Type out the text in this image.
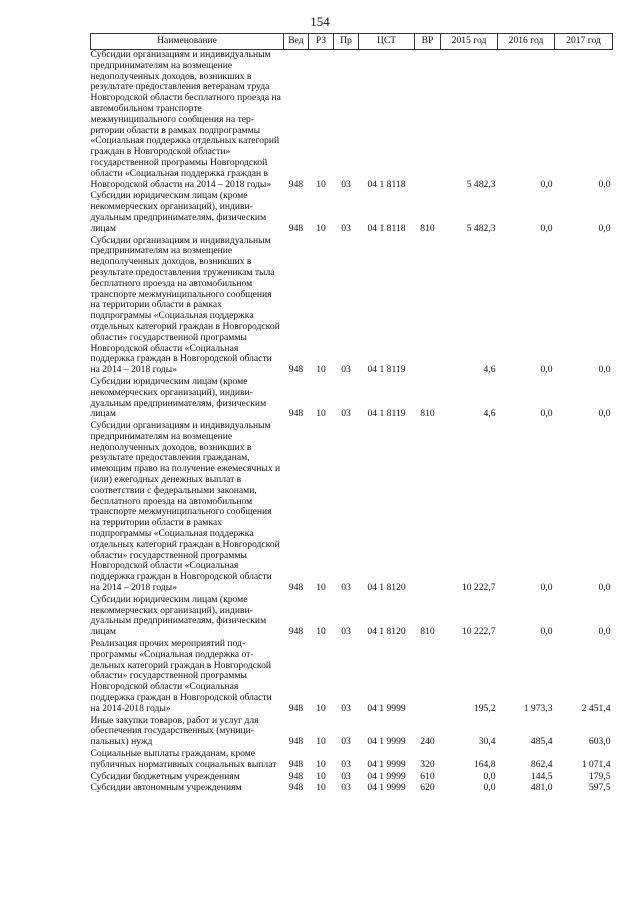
154
Наименование	Вед	РЗ	Пр	ЦСТ	ВР	2015 год	2016 год	2017 год
Субсидии организациям и индивидуальным предпринимателям на возмещение недополученных доходов, возникших в результате предоставления ветеранам труда Новгородской области бесплатного проезда на автомобильном транспорте межмуниципального сообщения на территории области в рамках подпрограммы «Социальная поддержка отдельных категорий граждан в Новгородской области» государственной программы Новгородской области «Социальная поддержка граждан в Новгородской области на 2014 – 2018 годы»	948	10	03	04 1 8118		5 482,3	0,0	0,0
Субсидии юридическим лицам (кроме некоммерческих организаций), индивидуальным предпринимателям, физическим лицам	948	10	03	04 1 8118	810	5 482,3	0,0	0,0
Субсидии организациям и индивидуальным предпринимателям на возмещение недополученных доходов, возникших в результате предоставления труженикам тыла бесплатного проезда на автомобильном транспорте межмуниципального сообщения на территории области в рамках подпрограммы «Социальная поддержка отдельных категорий граждан в Новгородской области» государственной программы Новгородской области «Социальная поддержка граждан в Новгородской области на 2014 – 2018 годы»	948	10	03	04 1 8119		4,6	0,0	0,0
Субсидии юридическим лицам (кроме некоммерческих организаций), индивидуальным предпринимателям, физическим лицам	948	10	03	04 1 8119	810	4,6	0,0	0,0
Субсидии организациям и индивидуальным предпринимателям на возмещение недополученных доходов, возникших в результате предоставления гражданам, имеющим право на получение ежемесячных и (или) ежегодных денежных выплат в соответствии с федеральными законами, бесплатного проезда на автомобильном транспорте межмуниципального сообщения на территории области в рамках подпрограммы «Социальная поддержка отдельных категорий граждан в Новгородской области» государственной программы Новгородской области «Социальная поддержка граждан в Новгородской области на 2014 – 2018 годы»	948	10	03	04 1 8120		10 222,7	0,0	0,0
Субсидии юридическим лицам (кроме некоммерческих организаций), индивидуальным предпринимателям, физическим лицам	948	10	03	04 1 8120	810	10 222,7	0,0	0,0
Реализация прочих мероприятий подпрограммы «Социальная поддержка отдельных категорий граждан в Новгородской области» государственной программы Новгородской области «Социальная поддержка граждан в Новгородской области на 2014-2018 годы»	948	10	03	04 1 9999		195,2	1 973,3	2 451,4
Иные закупки товаров, работ и услуг для обеспечения государственных (муниципальных) нужд	948	10	03	04 1 9999	240	30,4	485,4	603,0
Социальные выплаты гражданам, кроме публичных нормативных социальных выплат	948	10	03	04 1 9999	320	164,8	862,4	1 071,4
Субсидии бюджетным учреждениям	948	10	03	04 1 9999	610	0,0	144,5	179,5
Субсидии автономным учреждениям	948	10	03	04 1 9999	620	0,0	481,0	597,5
